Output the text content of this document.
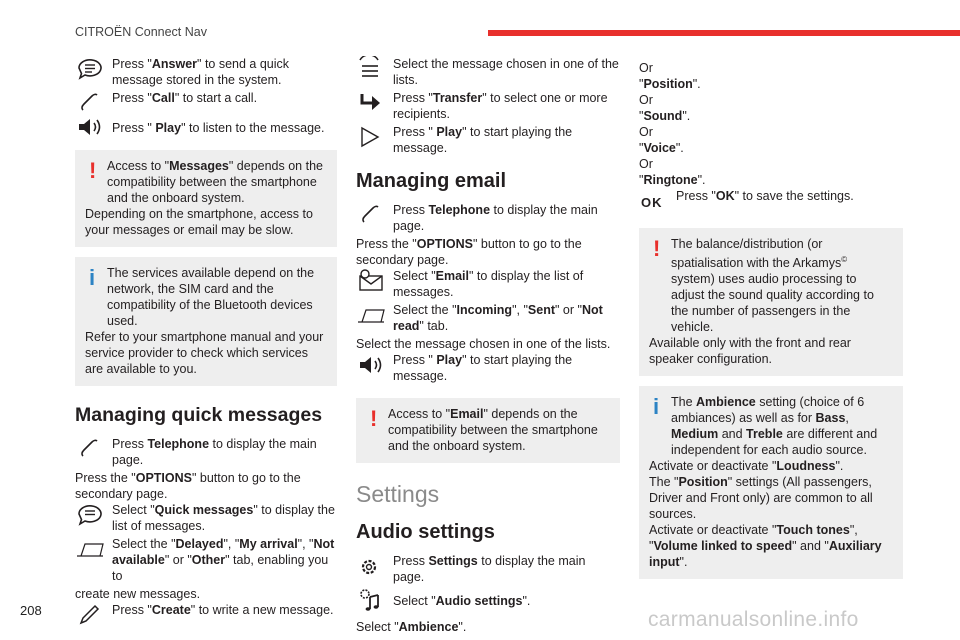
CITROËN Connect Nav

Press "Answer" to send a quick message stored in the system.

Press "Call" to start a call.

Press " Play" to listen to the message.

! Access to "Messages" depends on the compatibility between the smartphone and the onboard system.

Depending on the smartphone, access to your messages or email may be slow.

i The services available depend on the network, the SIM card and the compatibility of the Bluetooth devices used.

Refer to your smartphone manual and your service provider to check which services are available to you.

Managing quick messages

Press Telephone to display the main page.

Press the "OPTIONS" button to go to the secondary page.

Select "Quick messages" to display the list of messages.

Select the "Delayed", "My arrival", "Not available" or "Other" tab, enabling you to

create new messages.

Press "Create" to write a new message.

Select the message chosen in one of the lists.

Press "Transfer" to select one or more recipients.

Press " Play" to start playing the message.

Managing email

Press Telephone to display the main page.

Press the "OPTIONS" button to go to the secondary page.

Select "Email" to display the list of messages.

Select the "Incoming", "Sent" or "Not read" tab.

Select the message chosen in one of the lists.

Press " Play" to start playing the message.

! Access to "Email" depends on the compatibility between the smartphone and the onboard system.

Settings
Audio settings

Press Settings to display the main page.

Select "Audio settings".

Select "Ambience".

Or

"Position".

Or

"Sound".

Or

"Voice".

Or

"Ringtone".

OK Press "OK" to save the settings.

! The balance/distribution (or spatialisation with the Arkamys© system) uses audio processing to adjust the sound quality according to the number of passengers in the vehicle.

Available only with the front and rear speaker configuration.

i The Ambience setting (choice of 6 ambiances) as well as for Bass, Medium and Treble are different and independent for each audio source.

Activate or deactivate "Loudness".

The "Position" settings (All passengers, Driver and Front only) are common to all sources.

Activate or deactivate "Touch tones", "Volume linked to speed" and "Auxiliary input".

208	carmanualsonline.info
